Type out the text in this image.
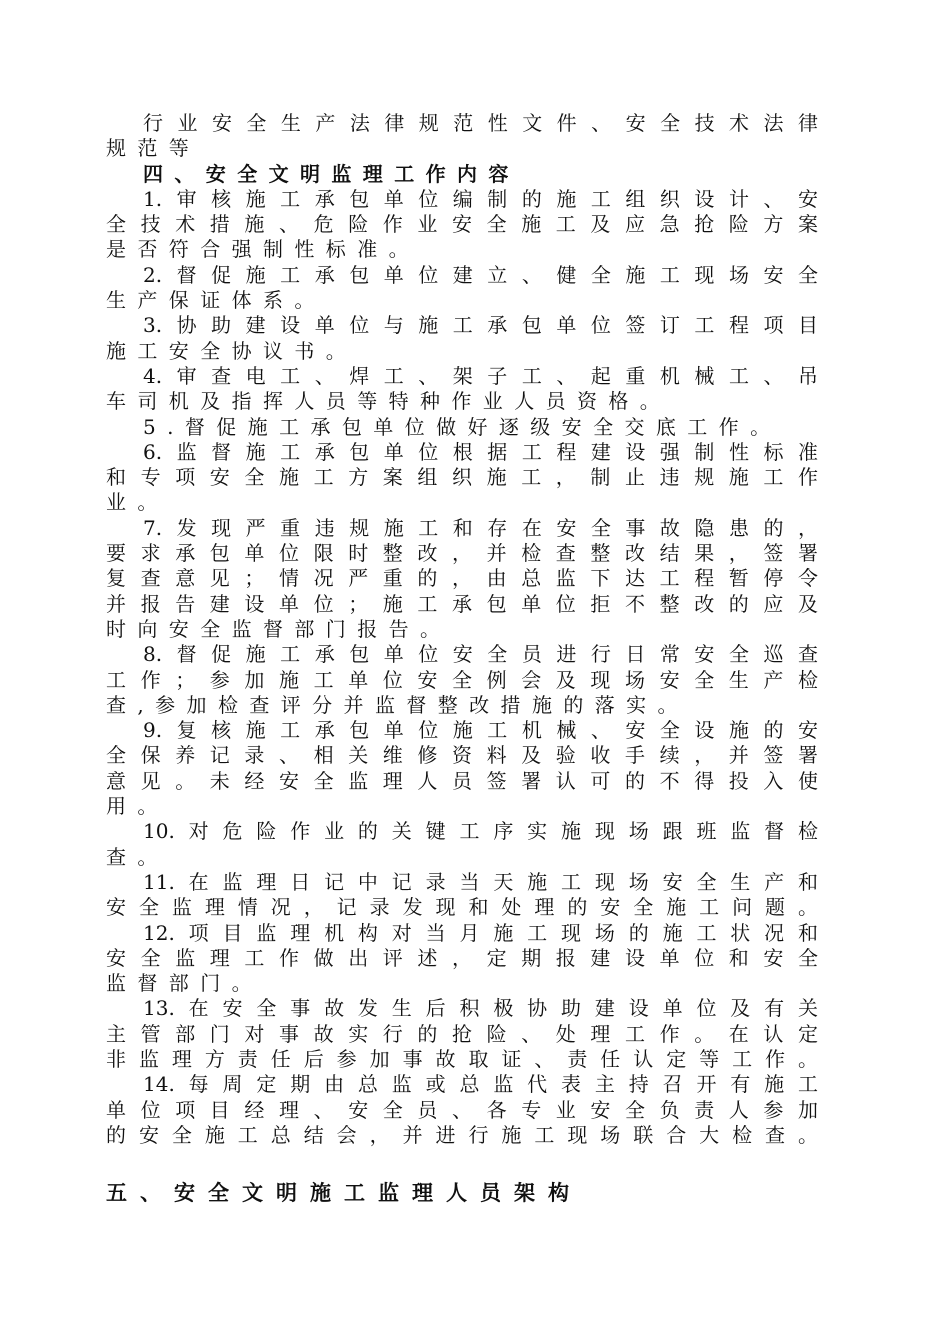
行业安全生产法律规范性文件、安全技术法律
规范等
四、安全文明监理工作内容
1.审核施工承包单位编制的施工组织设计、安
全技术措施、危险作业安全施工及应急抢险方案
是否符合强制性标准。
2.督促施工承包单位建立、健全施工现场安全
生产保证体系。
3.协助建设单位与施工承包单位签订工程项目
施工安全协议书。
4.审查电工、焊工、架子工、起重机械工、吊
车司机及指挥人员等特种作业人员资格。
5.督促施工承包单位做好逐级安全交底工作。
6.监督施工承包单位根据工程建设强制性标准
和专项安全施工方案组织施工，制止违规施工作
业。
7.发现严重违规施工和存在安全事故隐患的，
要求承包单位限时整改，并检查整改结果，签署
复查意见；情况严重的，由总监下达工程暂停令
并报告建设单位；施工承包单位拒不整改的应及
时向安全监督部门报告。
8.督促施工承包单位安全员进行日常安全巡查
工作；参加施工单位安全例会及现场安全生产检
查,参加检查评分并监督整改措施的落实。
9.复核施工承包单位施工机械、安全设施的安
全保养记录、相关维修资料及验收手续，并签署
意见。未经安全监理人员签署认可的不得投入使
用。
10.对危险作业的关键工序实施现场跟班监督检
查。
11.在监理日记中记录当天施工现场安全生产和
安全监理情况，记录发现和处理的安全施工问题。
12.项目监理机构对当月施工现场的施工状况和
安全监理工作做出评述，定期报建设单位和安全
监督部门。
13.在安全事故发生后积极协助建设单位及有关
主管部门对事故实行的抢险、处理工作。在认定
非监理方责任后参加事故取证、责任认定等工作。
14.每周定期由总监或总监代表主持召开有施工
单位项目经理、安全员、各专业安全负责人参加
的安全施工总结会，并进行施工现场联合大检查。
五、安全文明施工监理人员架构
